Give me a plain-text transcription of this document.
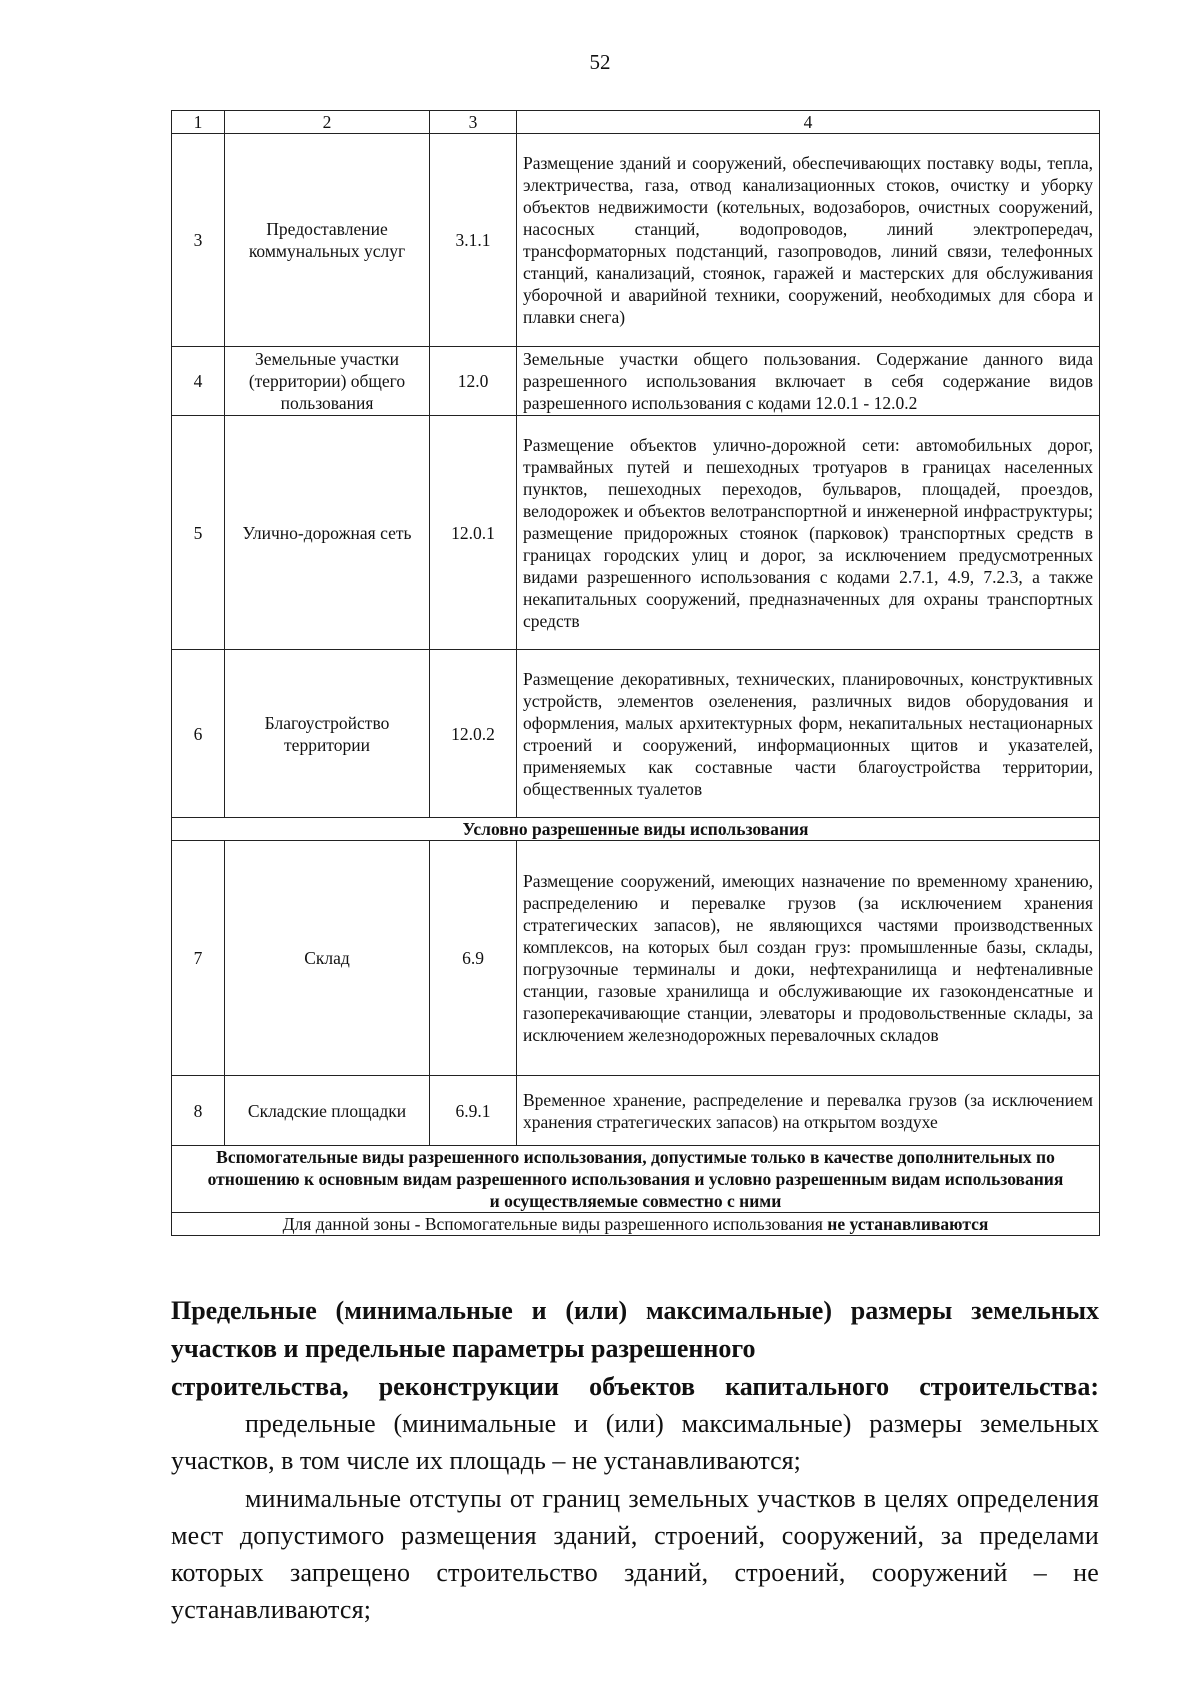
52
1	2	3	4
3	Предоставление коммунальных услуг	3.1.1	Размещение зданий и сооружений, обеспечивающих поставку воды, тепла, электричества, газа, отвод канализационных стоков, очистку и уборку объектов недвижимости (котельных, водозаборов, очистных сооружений, насосных станций, водопроводов, линий электропередач, трансформаторных подстанций, газопроводов, линий связи, телефонных станций, канализаций, стоянок, гаражей и мастерских для обслуживания уборочной и аварийной техники, сооружений, необходимых для сбора и плавки снега)
4	Земельные участки (территории) общего пользования	12.0	Земельные участки общего пользования. Содержание данного вида разрешенного использования включает в себя содержание видов разрешенного использования с кодами 12.0.1 - 12.0.2
5	Улично-дорожная сеть	12.0.1	Размещение объектов улично-дорожной сети: автомобильных дорог, трамвайных путей и пешеходных тротуаров в границах населенных пунктов, пешеходных переходов, бульваров, площадей, проездов, велодорожек и объектов велотранспортной и инженерной инфраструктуры; размещение придорожных стоянок (парковок) транспортных средств в границах городских улиц и дорог, за исключением предусмотренных видами разрешенного использования с кодами 2.7.1, 4.9, 7.2.3, а также некапитальных сооружений, предназначенных для охраны транспортных средств
6	Благоустройство территории	12.0.2	Размещение декоративных, технических, планировочных, конструктивных устройств, элементов озеленения, различных видов оборудования и оформления, малых архитектурных форм, некапитальных нестационарных строений и сооружений, информационных щитов и указателей, применяемых как составные части благоустройства территории, общественных туалетов
Условно разрешенные виды использования			
7	Склад	6.9	Размещение сооружений, имеющих назначение по временному хранению, распределению и перевалке грузов (за исключением хранения стратегических запасов), не являющихся частями производственных комплексов, на которых был создан груз: промышленные базы, склады, погрузочные терминалы и доки, нефтехранилища и нефтеналивные станции, газовые хранилища и обслуживающие их газоконденсатные и газоперекачивающие станции, элеваторы и продовольственные склады, за исключением железнодорожных перевалочных складов
8	Складские площадки	6.9.1	Временное хранение, распределение и перевалка грузов (за исключением хранения стратегических запасов) на открытом воздухе
Вспомогательные виды разрешенного использования, допустимые только в качестве дополнительных по отношению к основным видам разрешенного использования и условно разрешенным видам использования и осуществляемые совместно с ними			
Для данной зоны - Вспомогательные виды разрешенного использования не устанавливаются			
Предельные (минимальные и (или) максимальные) размеры земельных участков и предельные параметры разрешенного
строительства, реконструкции объектов капитального строительства:
предельные (минимальные и (или) максимальные) размеры земельных участков, в том числе их площадь – не устанавливаются;
минимальные отступы от границ земельных участков в целях определения мест допустимого размещения зданий, строений, сооружений, за пределами которых запрещено строительство зданий, строений, сооружений – не устанавливаются;
